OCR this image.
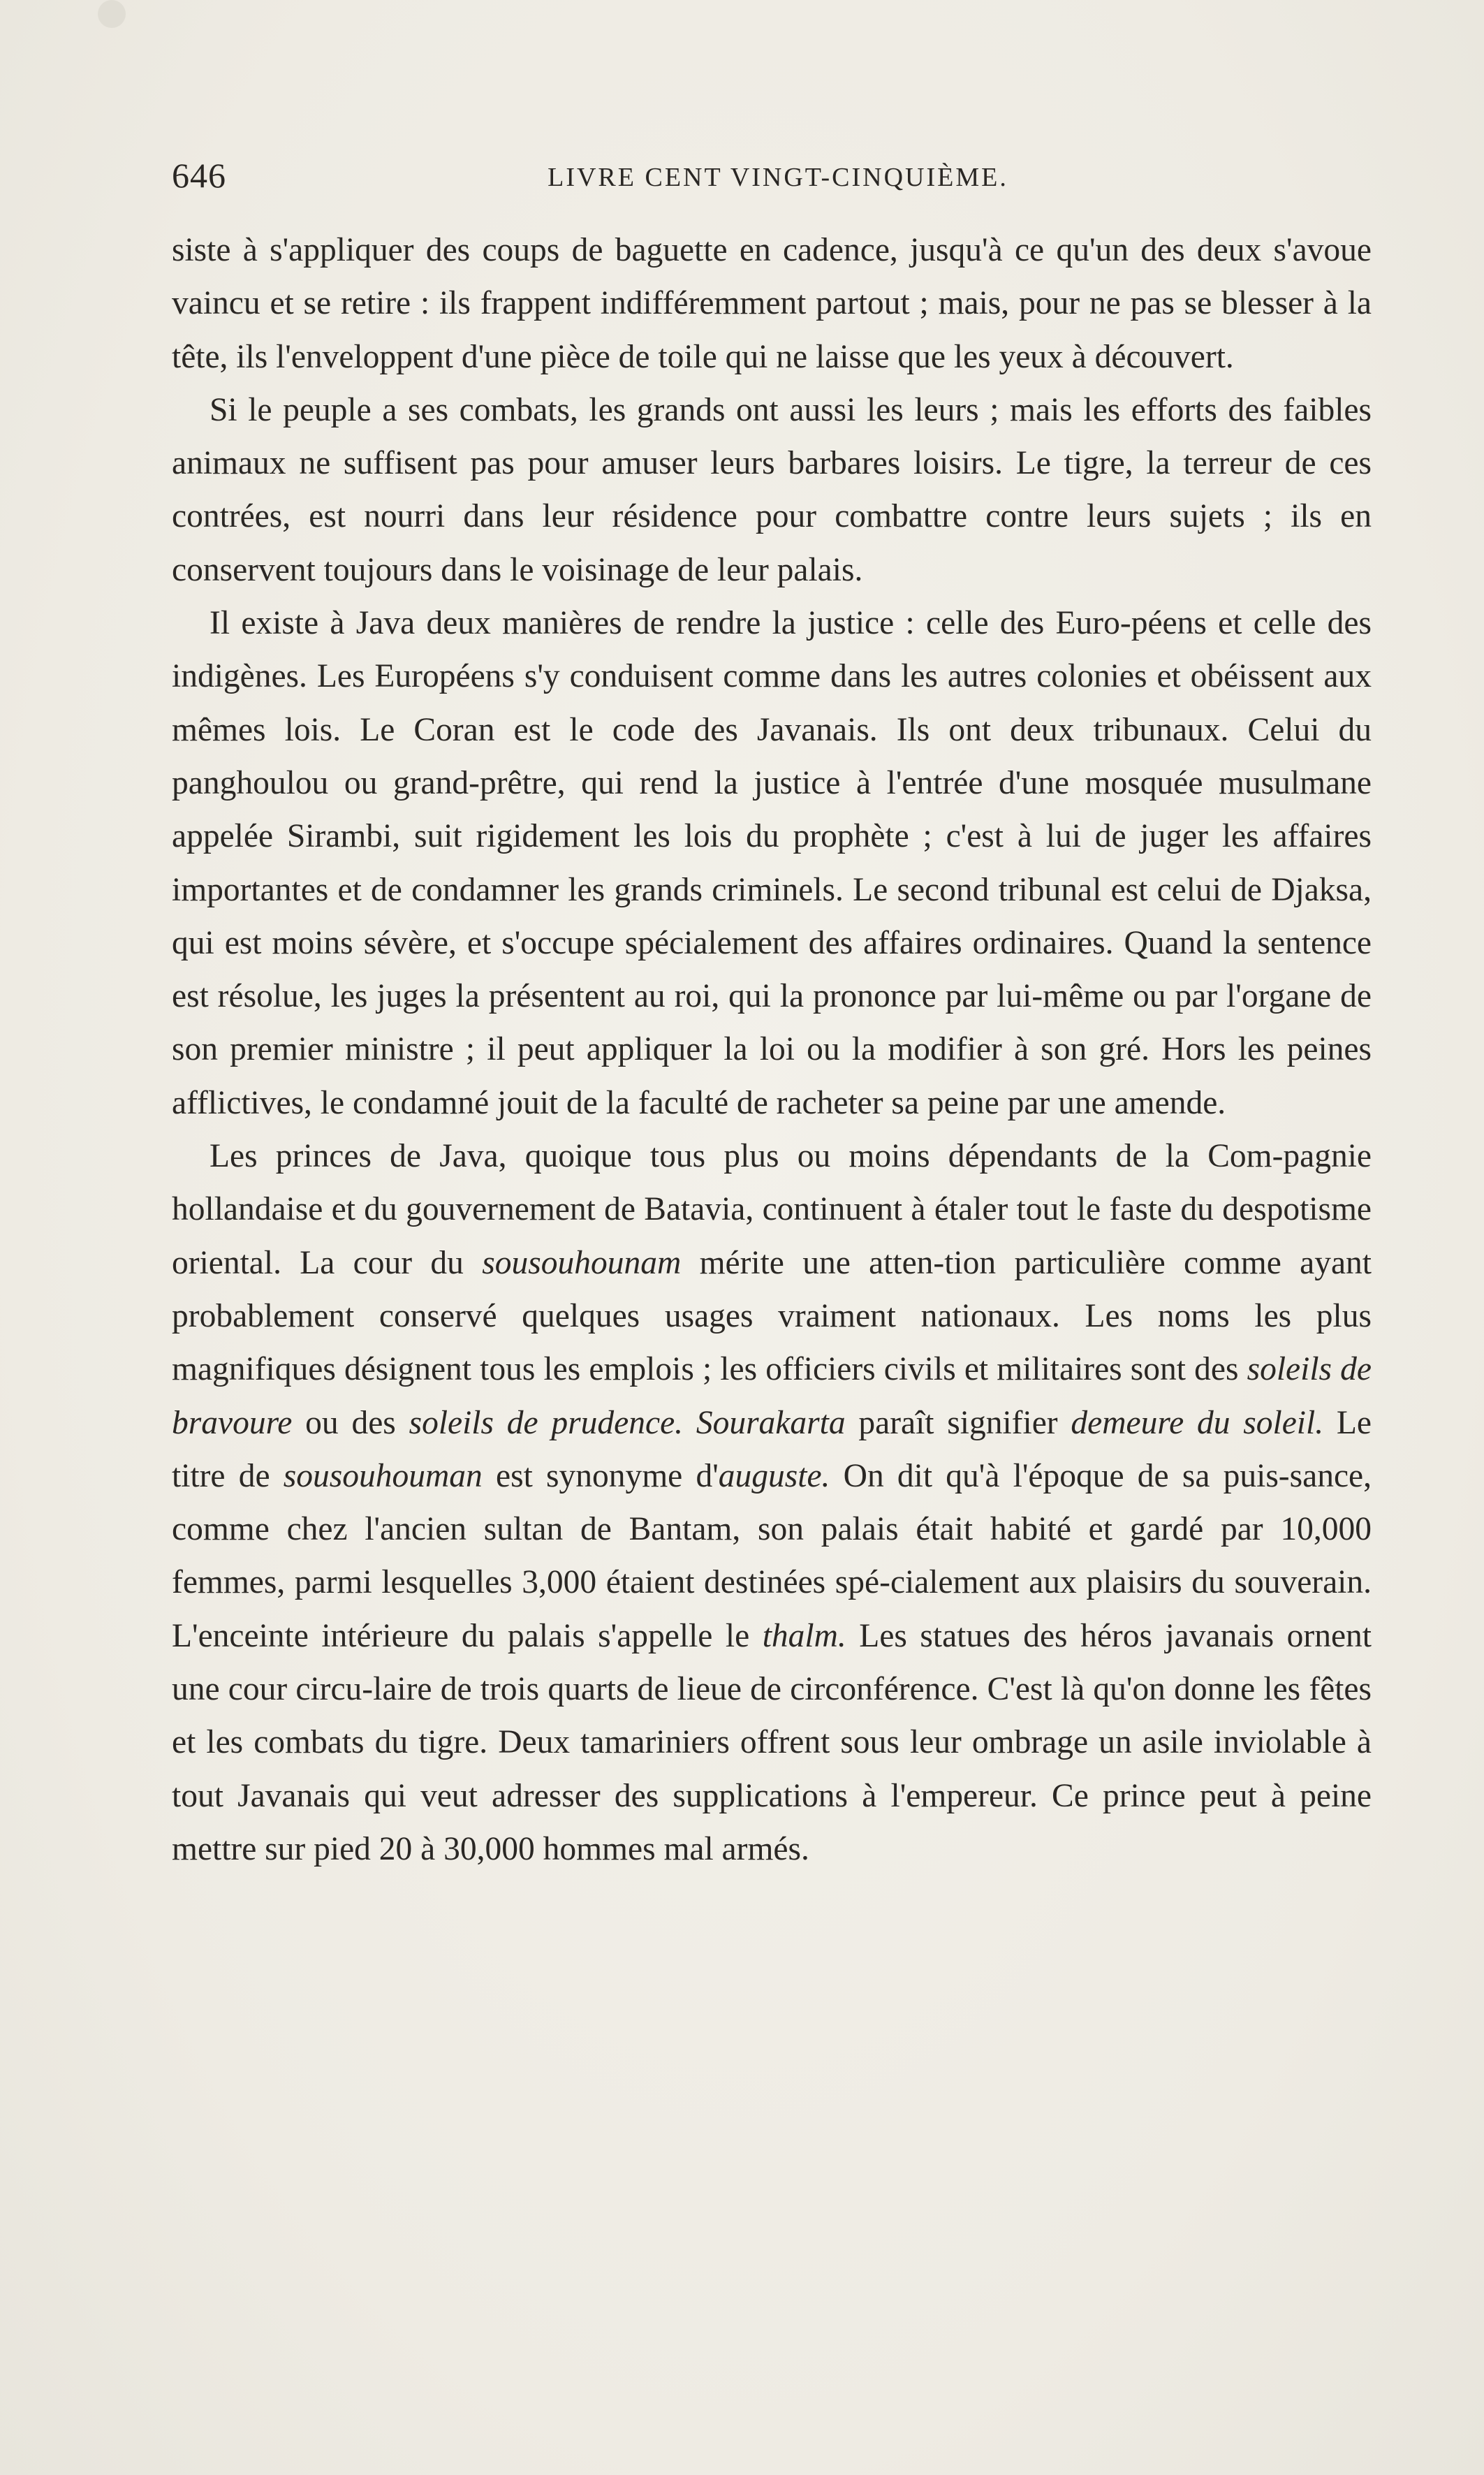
646	LIVRE CENT VINGT-CINQUIÈME.

siste à s'appliquer des coups de baguette en cadence, jusqu'à ce qu'un des deux s'avoue vaincu et se retire : ils frappent indifféremment partout ; mais, pour ne pas se blesser à la tête, ils l'enveloppent d'une pièce de toile qui ne laisse que les yeux à découvert.

Si le peuple a ses combats, les grands ont aussi les leurs ; mais les efforts des faibles animaux ne suffisent pas pour amuser leurs barbares loisirs. Le tigre, la terreur de ces contrées, est nourri dans leur résidence pour combattre contre leurs sujets ; ils en conservent toujours dans le voisinage de leur palais.

Il existe à Java deux manières de rendre la justice : celle des Euro-péens et celle des indigènes. Les Européens s'y conduisent comme dans les autres colonies et obéissent aux mêmes lois. Le Coran est le code des Javanais. Ils ont deux tribunaux. Celui du panghoulou ou grand-prêtre, qui rend la justice à l'entrée d'une mosquée musulmane appelée Sirambi, suit rigidement les lois du prophète ; c'est à lui de juger les affaires importantes et de condamner les grands criminels. Le second tribunal est celui de Djaksa, qui est moins sévère, et s'occupe spécialement des affaires ordinaires. Quand la sentence est résolue, les juges la présentent au roi, qui la prononce par lui-même ou par l'organe de son premier ministre ; il peut appliquer la loi ou la modifier à son gré. Hors les peines afflictives, le condamné jouit de la faculté de racheter sa peine par une amende.

Les princes de Java, quoique tous plus ou moins dépendants de la Com-pagnie hollandaise et du gouvernement de Batavia, continuent à étaler tout le faste du despotisme oriental. La cour du sousouhounam mérite une atten-tion particulière comme ayant probablement conservé quelques usages vraiment nationaux. Les noms les plus magnifiques désignent tous les emplois ; les officiers civils et militaires sont des soleils de bravoure ou des soleils de prudence. Sourakarta paraît signifier demeure du soleil. Le titre de sousouhouman est synonyme d'auguste. On dit qu'à l'époque de sa puis-sance, comme chez l'ancien sultan de Bantam, son palais était habité et gardé par 10,000 femmes, parmi lesquelles 3,000 étaient destinées spé-cialement aux plaisirs du souverain. L'enceinte intérieure du palais s'appelle le thalm. Les statues des héros javanais ornent une cour circu-laire de trois quarts de lieue de circonférence. C'est là qu'on donne les fêtes et les combats du tigre. Deux tamariniers offrent sous leur ombrage un asile inviolable à tout Javanais qui veut adresser des supplications à l'empereur. Ce prince peut à peine mettre sur pied 20 à 30,000 hommes mal armés.
